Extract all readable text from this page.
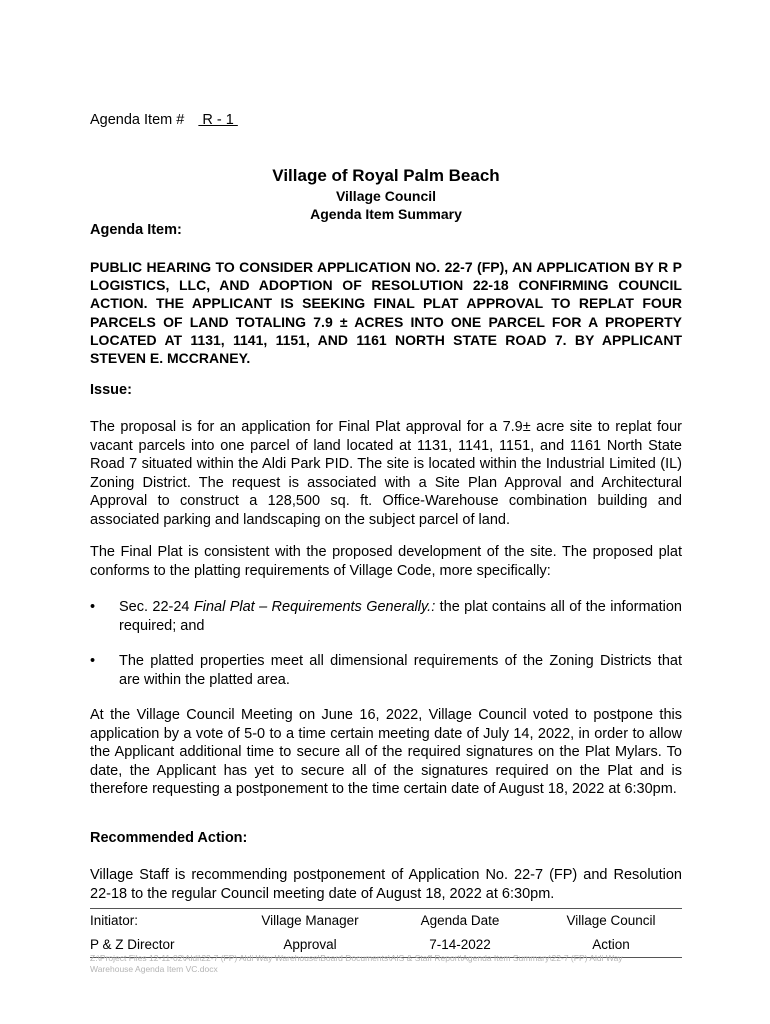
Agenda Item #  R - 1
Village of Royal Palm Beach
Village Council
Agenda Item Summary
Agenda Item:
PUBLIC HEARING TO CONSIDER APPLICATION NO. 22-7 (FP), AN APPLICATION BY R P LOGISTICS, LLC, AND ADOPTION OF RESOLUTION 22-18 CONFIRMING COUNCIL ACTION. THE APPLICANT IS SEEKING FINAL PLAT APPROVAL TO REPLAT FOUR PARCELS OF LAND TOTALING 7.9 ± ACRES INTO ONE PARCEL FOR A PROPERTY LOCATED AT 1131, 1141, 1151, AND 1161 NORTH STATE ROAD 7. BY APPLICANT STEVEN E. MCCRANEY.
Issue:
The proposal is for an application for Final Plat approval for a 7.9± acre site to replat four vacant parcels into one parcel of land located at 1131, 1141, 1151, and 1161 North State Road 7 situated within the Aldi Park PID. The site is located within the Industrial Limited (IL) Zoning District. The request is associated with a Site Plan Approval and Architectural Approval to construct a 128,500 sq. ft. Office-Warehouse combination building and associated parking and landscaping on the subject parcel of land.
The Final Plat is consistent with the proposed development of the site. The proposed plat conforms to the platting requirements of Village Code, more specifically:
• Sec. 22-24 Final Plat – Requirements Generally.: the plat contains all of the information required; and
• The platted properties meet all dimensional requirements of the Zoning Districts that are within the platted area.
At the Village Council Meeting on June 16, 2022, Village Council voted to postpone this application by a vote of 5-0 to a time certain meeting date of July 14, 2022, in order to allow the Applicant additional time to secure all of the required signatures on the Plat Mylars. To date, the Applicant has yet to secure all of the signatures required on the Plat and is therefore requesting a postponement to the time certain date of August 18, 2022 at 6:30pm.
Recommended Action:
Village Staff is recommending postponement of Application No. 22-7 (FP) and Resolution 22-18 to the regular Council meeting date of August 18, 2022 at 6:30pm.
Initiator:	Village Manager	Agenda Date	Village Council
P & Z Director	Approval	7-14-2022	Action
Z:\Project Files 12-11-02\Aldi\22-7 (FP) Aldi Way Warehouse\Board Documents\AIS & Staff Report\Agenda Item Summary\22-7 (FP) Aldi Way Warehouse Agenda Item VC.docx
